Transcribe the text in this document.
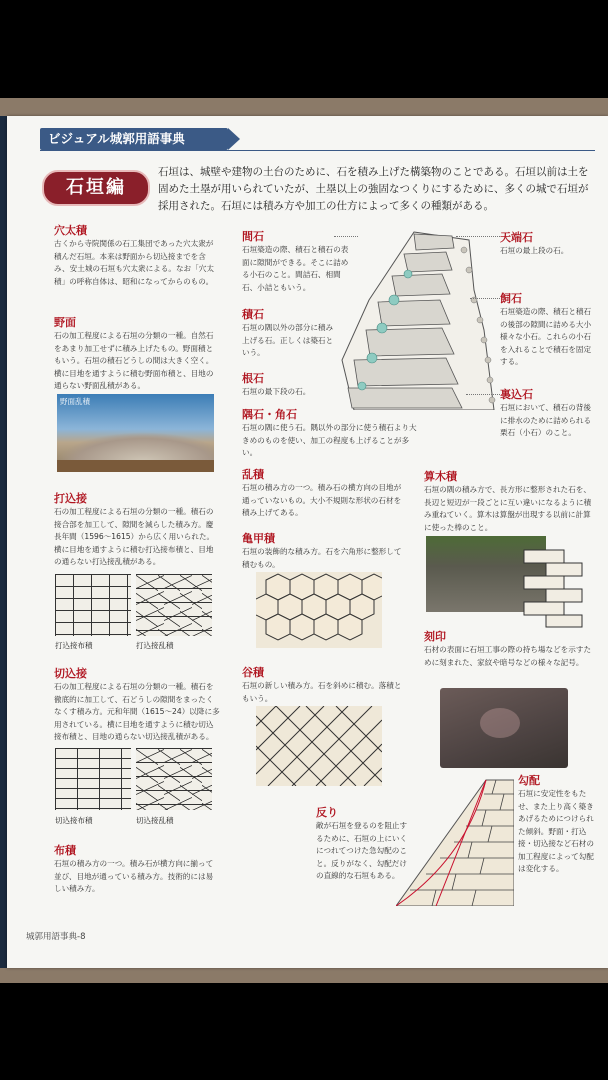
ビジュアル城郭用語事典
石垣編
石垣は、城壁や建物の土台のために、石を積み上げた構築物のことである。石垣以前は土を固めた土塁が用いられていたが、土塁以上の強固なつくりにするために、多くの城で石垣が採用された。石垣には積み方や加工の仕方によって多くの種類がある。
穴太積
古くから寺院関係の石工集団であった穴太衆が積んだ石垣。本来は野面から切込接までを含み、安土城の石垣も穴太衆による。なお「穴太積」の呼称自体は、昭和になってからのもの。
野面
石の加工程度による石垣の分類の一種。自然石をあまり加工せずに積み上げたもの。野面積ともいう。石垣の積石どうしの間は大きく空く。横に目地を通すように積む野面布積と、目地の通らない野面乱積がある。
野面乱積
打込接
石の加工程度による石垣の分類の一種。積石の接合部を加工して、隙間を減らした積み方。慶長年間（1596～1615）から広く用いられた。横に目地を通すように積む打込接布積と、目地の通らない打込接乱積がある。
打込接布積	打込接乱積
切込接
石の加工程度による石垣の分類の一種。積石を徹底的に加工して、石どうしの隙間をまったくなくす積み方。元和年間（1615～24）以降に多用されている。横に目地を通すように積む切込接布積と、目地の通らない切込接乱積がある。
切込接布積	切込接乱積
布積
石垣の積み方の一つ。積み石が横方向に揃って並び、目地が通っている積み方。技術的には易しい積み方。
間石
石垣築造の際、積石と積石の表面に隙間ができる。そこに詰める小石のこと。間詰石、相間石、小詰ともいう。
積石
石垣の隅以外の部分に積み上げる石。正しくは築石という。
根石
石垣の最下段の石。
隅石・角石
石垣の隅に使う石。隅以外の部分に使う積石より大きめのものを使い、加工の程度も上げることが多い。
天端石
石垣の最上段の石。
飼石
石垣築造の際、積石と積石の後部の隙間に詰める大小様々な小石。これらの小石を入れることで積石を固定する。
裏込石
石垣において、積石の背後に排水のために詰められる栗石（小石）のこと。
乱積
石垣の積み方の一つ。積み石の横方向の目地が通っていないもの。大小不規則な形状の石材を積み上げてある。
亀甲積
石垣の装飾的な積み方。石を六角形に整形して積むもの。
谷積
石垣の新しい積み方。石を斜めに積む。落積ともいう。
算木積
石垣の隅の積み方で、長方形に整形された石を、長辺と短辺が一段ごとに互い違いになるように積み重ねていく。算木は算盤が出現する以前に計算に使った棒のこと。
刻印
石材の表面に石垣工事の際の持ち場などを示すために刻まれた、家紋や暗号などの様々な記号。
反り
敵が石垣を登るのを阻止するために、石垣の上にいくにつれてつけた急勾配のこと。反りがなく、勾配だけの直線的な石垣もある。
勾配
石垣に安定性をもたせ、また上り高く築きあげるためにつけられた傾斜。野面・打込接・切込接など石材の加工程度によって勾配は変化する。
城郭用語事典-8
